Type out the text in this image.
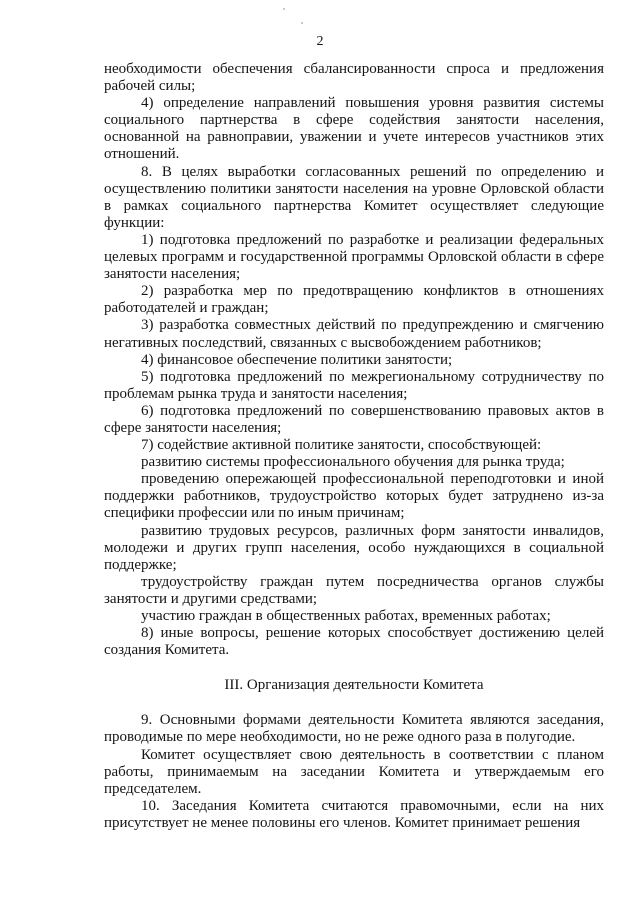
2

необходимости обеспечения сбалансированности спроса и предложения рабочей силы;

4) определение направлений повышения уровня развития системы социального партнерства в сфере содействия занятости населения, основанной на равноправии, уважении и учете интересов участников этих отношений.

8. В целях выработки согласованных решений по определению и осуществлению политики занятости населения на уровне Орловской области в рамках социального партнерства Комитет осуществляет следующие функции:

1) подготовка предложений по разработке и реализации федеральных целевых программ и государственной программы Орловской области в сфере занятости населения;

2) разработка мер по предотвращению конфликтов в отношениях работодателей и граждан;

3) разработка совместных действий по предупреждению и смягчению негативных последствий, связанных с высвобождением работников;

4) финансовое обеспечение политики занятости;

5) подготовка предложений по межрегиональному сотрудничеству по проблемам рынка труда и занятости населения;

6) подготовка предложений по совершенствованию правовых актов в сфере занятости населения;

7) содействие активной политике занятости, способствующей:

развитию системы профессионального обучения для рынка труда;

проведению опережающей профессиональной переподготовки и иной поддержки работников, трудоустройство которых будет затруднено из-за специфики профессии или по иным причинам;

развитию трудовых ресурсов, различных форм занятости инвалидов, молодежи и других групп населения, особо нуждающихся в социальной поддержке;

трудоустройству граждан путем посредничества органов службы занятости и другими средствами;

участию граждан в общественных работах, временных работах;

8) иные вопросы, решение которых способствует достижению целей создания Комитета.

III. Организация деятельности Комитета

9. Основными формами деятельности Комитета являются заседания, проводимые по мере необходимости, но не реже одного раза в полугодие.

Комитет осуществляет свою деятельность в соответствии с планом работы, принимаемым на заседании Комитета и утверждаемым его председателем.

10. Заседания Комитета считаются правомочными, если на них присутствует не менее половины его членов. Комитет принимает решения
